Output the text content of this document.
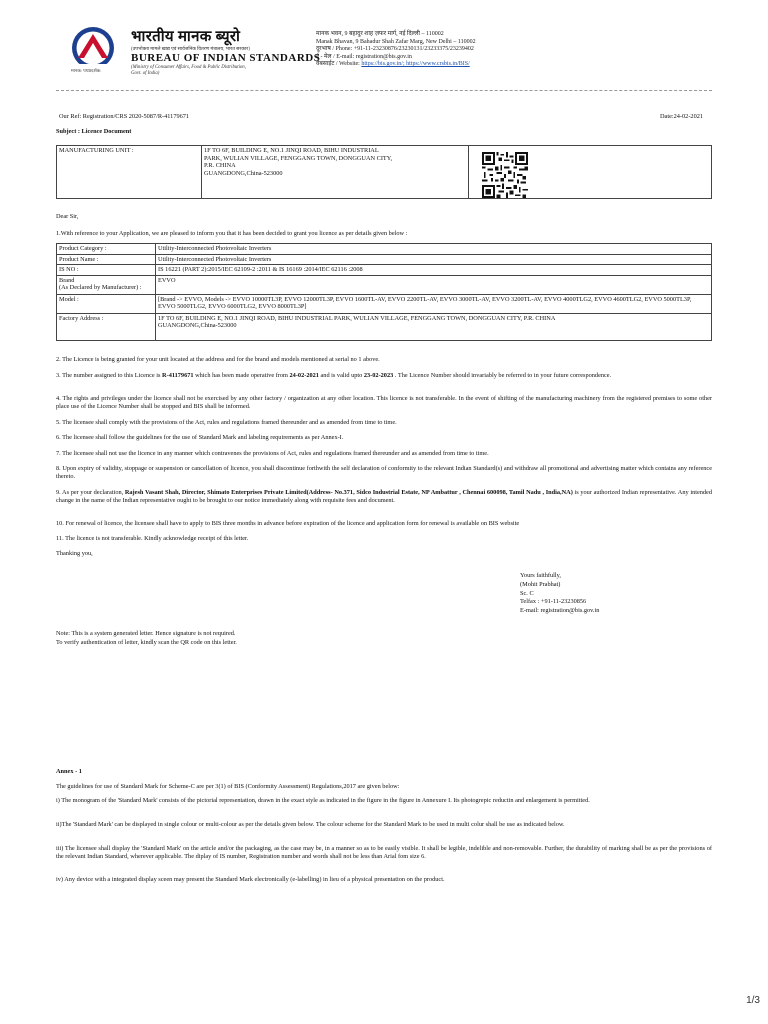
मानक: पथप्रदर्शक:
भारतीय मानक ब्यूरो
(उपभोक्ता मामले खाद्य एवं सार्वजनिक वितरण मंत्रालय, भारत सरकार)
BUREAU OF INDIAN STANDARDS
(Ministry of Consumer Affairs, Food & Public Distribution,
Govt. of India)
मानक भवन, 9 बहादुर शाह ज़फर मार्ग, नई दिल्ली – 110002
Manak Bhavan, 9 Bahadur Shah Zafar Marg, New Delhi – 110002
दूरभाष / Phone: +91-11-23230876/23230131/23233375/23239402
ई - मेल / E-mail: registration@bis.gov.in
वेबसाईट / Website: https://bis.gov.in/; https://www.crsbis.in/BIS/
Our Ref: Registration/CRS 2020-5087/R-41179671	Date:24-02-2021
Subject : Licence Document
MANUFACTURING UNIT :	1F TO 6F, BUILDING E, NO.1 JINQI ROAD, BIHU INDUSTRIAL
PARK, WULIAN VILLAGE, FENGGANG TOWN, DONGGUAN CITY,
P.R. CHINA
GUANGDONG,China-523000

Dear Sir,
1.With reference to your Application, we are pleased to inform you that it has been decided to grant you licence as per details given below :
Product Category :	Utility-Interconnected Photovoltaic Inverters
Product Name :	Utility-Interconnected Photovoltaic Inverters
IS NO :	IS 16221 (PART 2):2015/IEC 62109-2 :2011 & IS 16169 :2014/IEC 62116 :2008
Brand
(As Declared by Manufacturer) :	EVVO
Model :	[Brand -> EVVO, Models -> EVVO 10000TL3P, EVVO 12000TL3P, EVVO 1600TL-AV, EVVO 2200TL-AV, EVVO 3000TL-AV, EVVO 3200TL-AV, EVVO 4000TLG2, EVVO 4600TLG2, EVVO 5000TL3P, EVVO 5000TLG2, EVVO 6000TLG2, EVVO 8000TL3P]
Factory Address :	1F TO 6F, BUILDING E, NO.1 JINQI ROAD, BIHU INDUSTRIAL PARK, WULIAN VILLAGE, FENGGANG TOWN, DONGGUAN CITY, P.R. CHINA
GUANGDONG,China-523000
2. The Licence is being granted for your unit located at the address and for the brand and models mentioned at serial no 1 above.
3. The number assigned to this Licence is R-41179671 which has been made operative from 24-02-2021 and is valid upto 23-02-2023 . The Licence Number should invariably be referred to in your future correspondence.
4. The rights and privileges under the licence shall not be exercised by any other factory / organization at any other location. This licence is not transferable. In the event of shifting of the manufacturing machinery from the registered premises to some other place use of the Licence Number shall be stopped and BIS shall be informed.
5. The licensee shall comply with the provisions of the Act, rules and regulations framed thereunder and as amended from time to time.
6. The licensee shall follow the guidelines for the use of Standard Mark and labeling requirements as per Annex-I.
7. The licensee shall not use the licence in any manner which contravenes the provisions of Act, rules and regulations framed thereunder and as amended from time to time.
8. Upon expiry of validity, stoppage or suspension or cancellation of licence, you shall discontinue forthwith the self declaration of conformity to the relevant Indian Standard(s) and withdraw all promotional and advertising matter which contains any reference thereto.
9. As per your declaration, Rajesh Vasant Shah, Director, Shimato Enterprises Private Limited(Address- No.371, Sidco Industrial Estate, NP Ambattur , Chennai 600098, Tamil Nadu , India,NA) is your authorized Indian representative. Any intended change in the name of the Indian representative ought to be brought to our notice immediately along with requisite fees and document.
10. For renewal of licence, the licensee shall have to apply to BIS three months in advance before expiration of the licence and application form for renewal is available on BIS website
11. The licence is not transferable. Kindly acknowledge receipt of this letter.
Thanking you,
Yours faithfully,
(Mohit Prabhat)
Sc. C
Telfax : +91-11-23230856
E-mail: registration@bis.gov.in
Note: This is a system generated letter. Hence signature is not required.
To verify authentication of letter, kindly scan the QR code on this letter.
Annex - 1
The guidelines for use of Standard Mark for Scheme-C are per 3(1) of BIS (Conformity Assessment) Regulations,2017 are given below:
i) The monogram of the 'Standard Mark' consists of the pictorial representation, drawn in the exact style as indicated in the figure in the figure in Annexure I. Its photogrepic reductin and enlargement is permitted.
ii)The 'Standard Mark' can be displayed in single colour or multi-colour as per the details given below. The colour scheme for the Standard Mark to be used in multi colur shall be use as indicated below.
iii) The licensee shall display the 'Standard Mark' on the article and/or the packaging, as the case may be, in a manner so as to be easily visible. It shall be legible, indelible and non-removable. Further, the durability of marking shall be as per the provisions of the relevant Indian Standard, wherever applicable. The diplay of IS number, Registration number and words shall not be less than Arial fom size 6.
iv) Any device with a integrated display sceen may present the Standard Mark electronically (e-labelling) in lieu of a physical presentation on the product.
1/3
